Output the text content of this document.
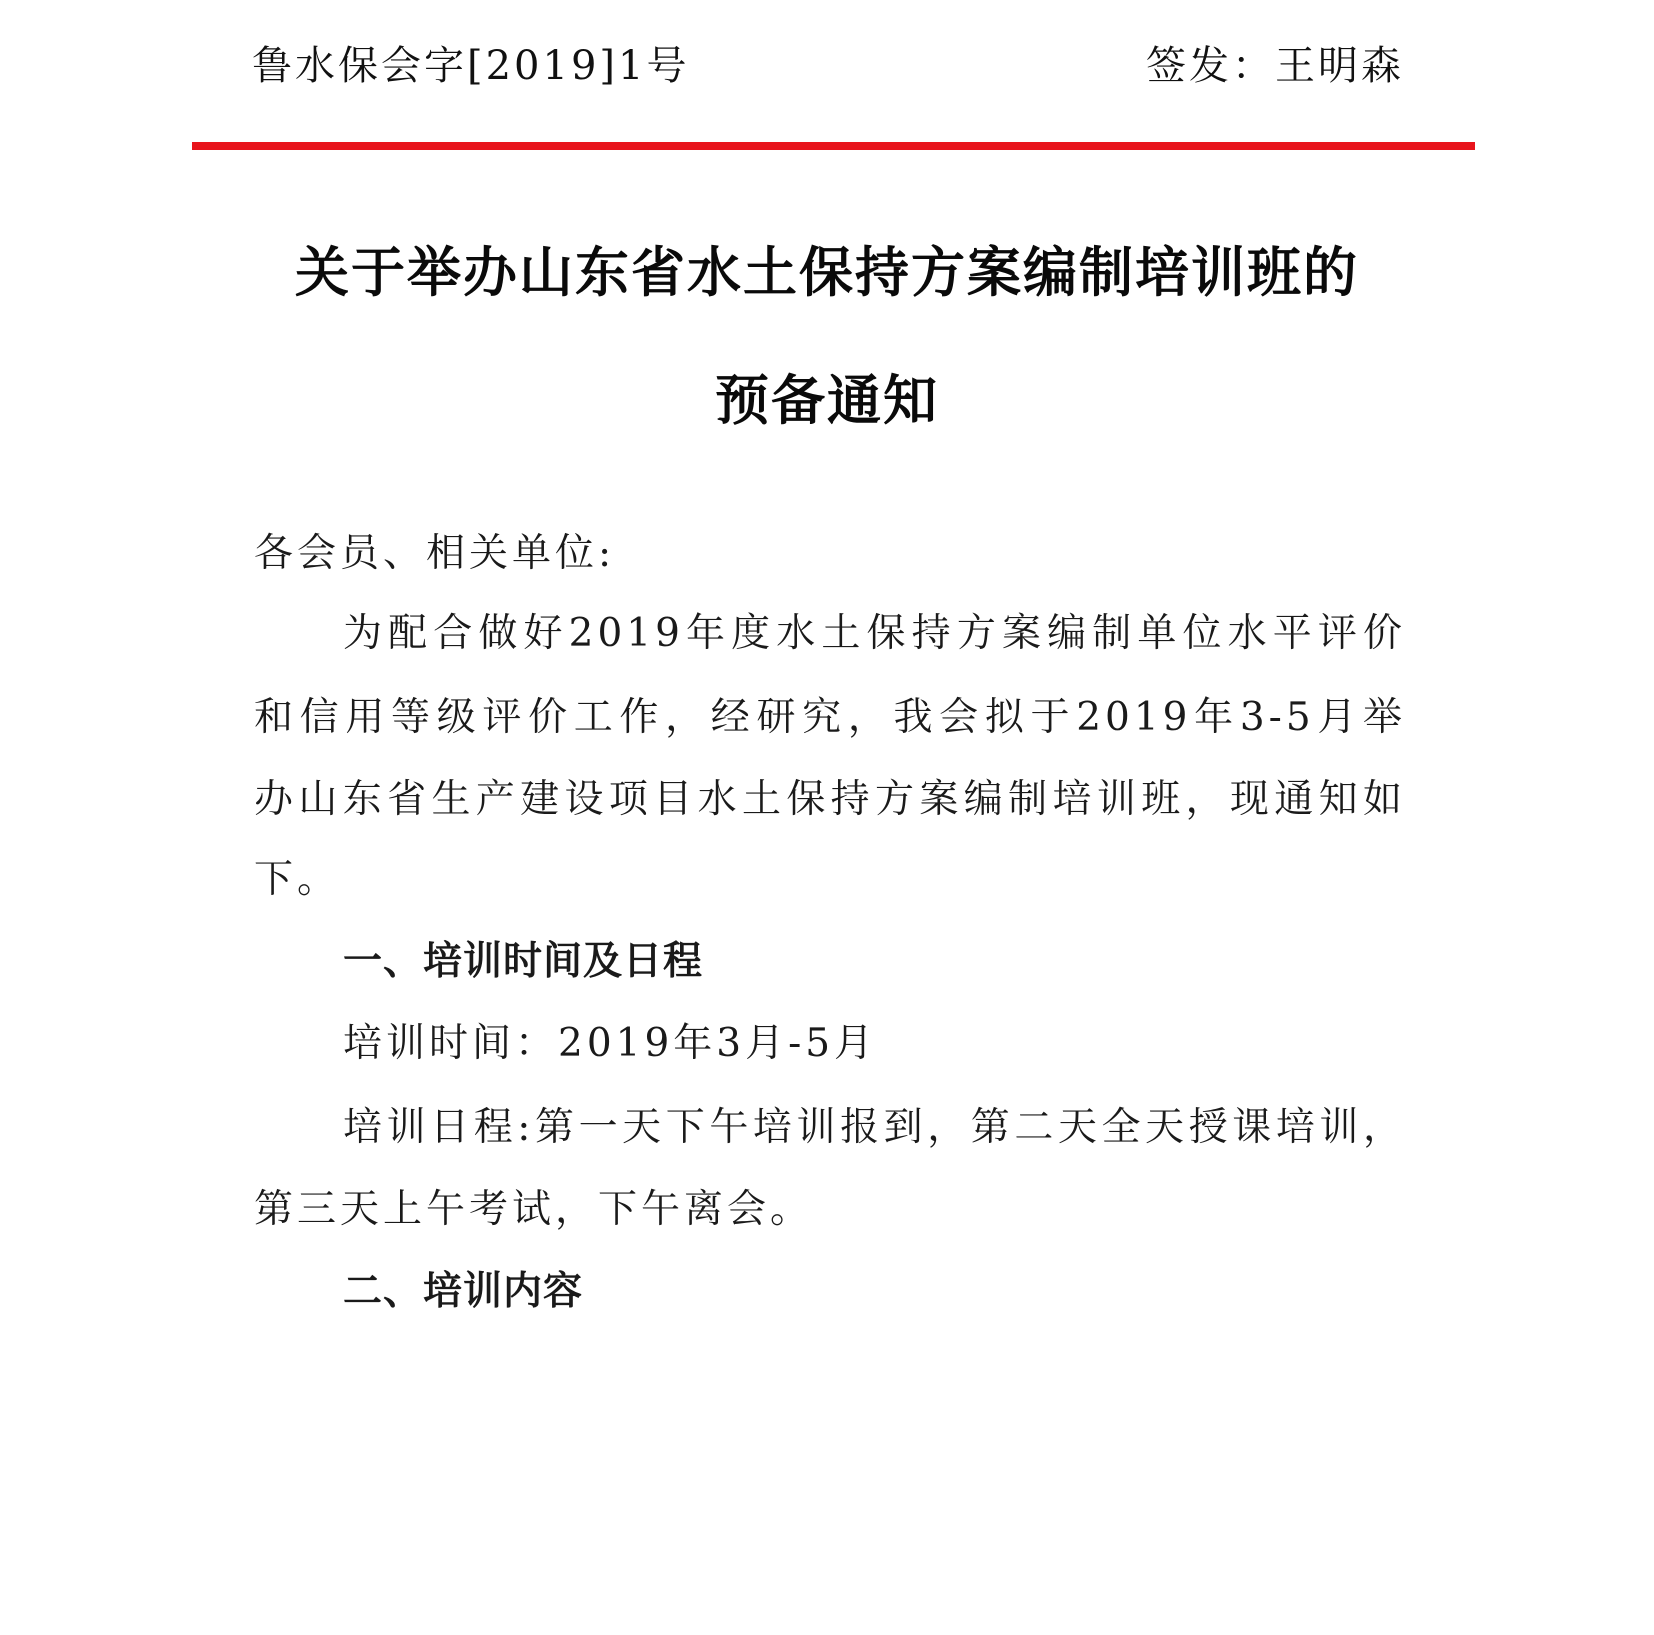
鲁水保会字[2019]1号	签发：王明森
关于举办山东省水土保持方案编制培训班的
预备通知
各会员、相关单位:
为配合做好2019年度水土保持方案编制单位水平评价
和信用等级评价工作，经研究，我会拟于2019年3-5月举
办山东省生产建设项目水土保持方案编制培训班，现通知如
下。
一、培训时间及日程
培训时间：2019年3月-5月
培训日程:第一天下午培训报到，第二天全天授课培训，
第三天上午考试，下午离会。
二、培训内容
